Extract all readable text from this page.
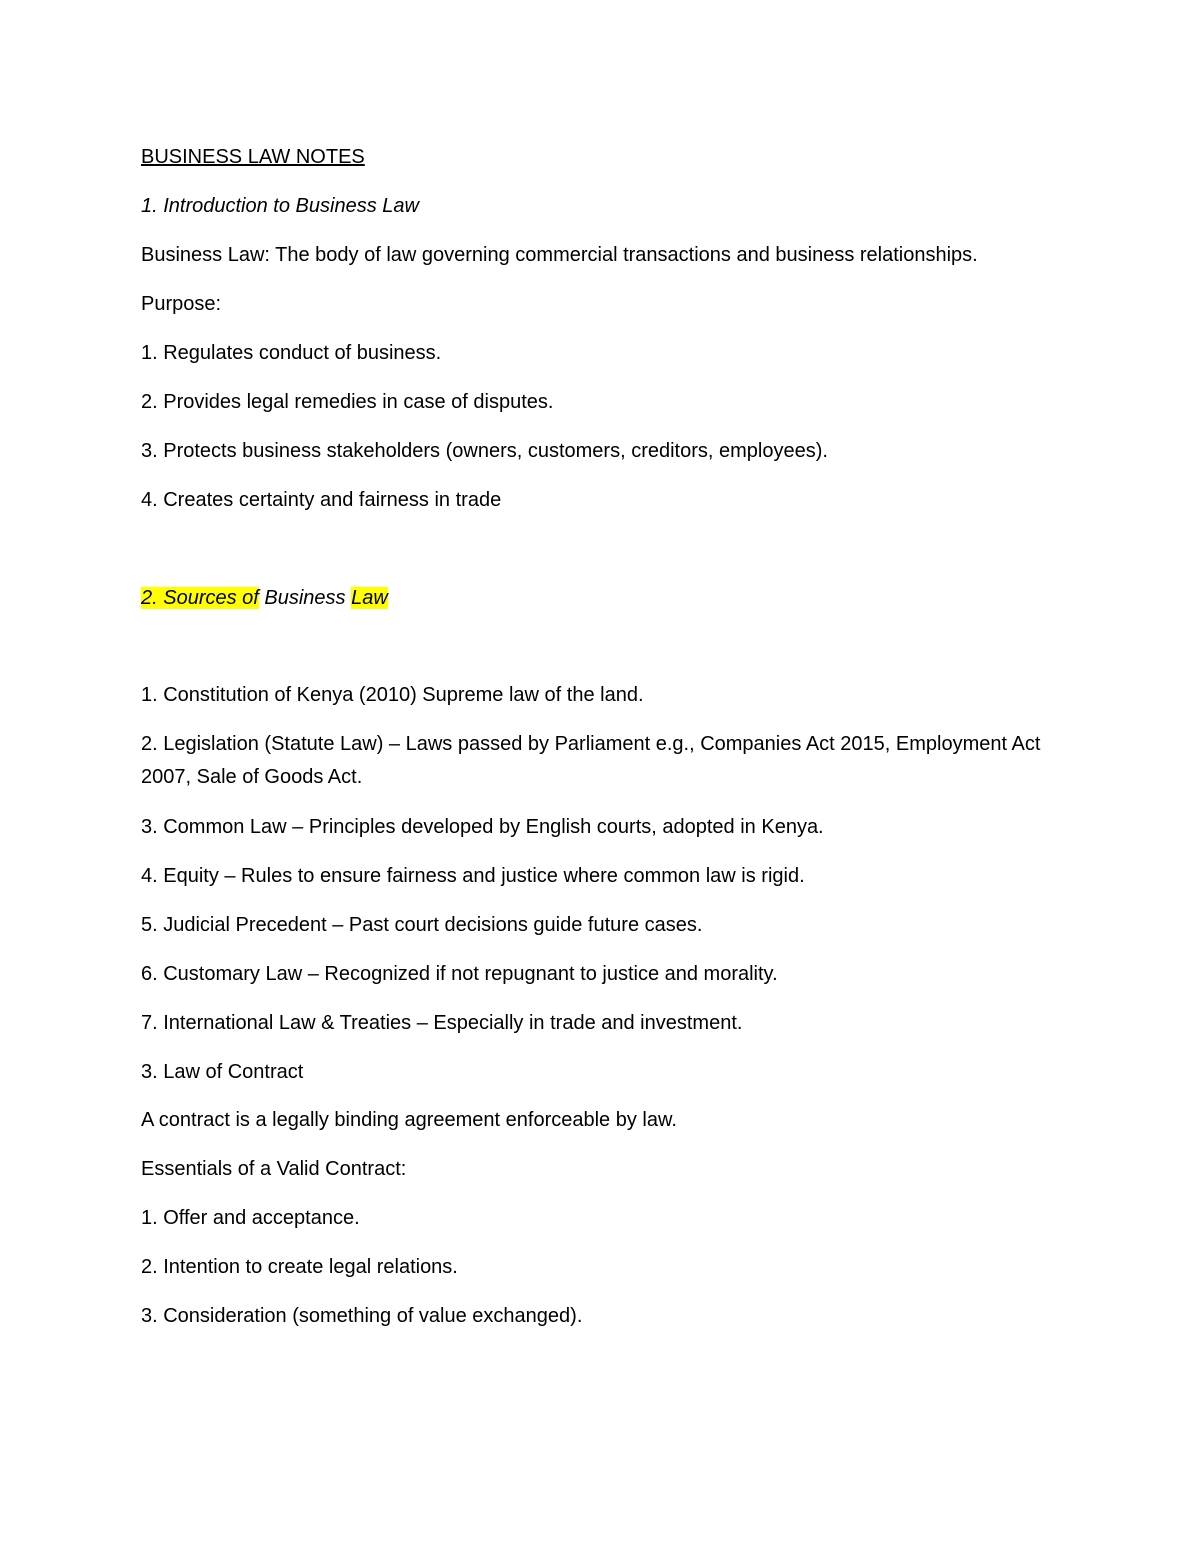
BUSINESS LAW NOTES

1. Introduction to Business Law

Business Law: The body of law governing commercial transactions and business relationships.

Purpose:

1. Regulates conduct of business.

2. Provides legal remedies in case of disputes.

3. Protects business stakeholders (owners, customers, creditors, employees).

4. Creates certainty and fairness in trade

2. Sources of Business Law

1. Constitution of Kenya (2010) Supreme law of the land.

2. Legislation (Statute Law) – Laws passed by Parliament e.g., Companies Act 2015, Employment Act 2007, Sale of Goods Act.

3. Common Law – Principles developed by English courts, adopted in Kenya.

4. Equity – Rules to ensure fairness and justice where common law is rigid.

5. Judicial Precedent – Past court decisions guide future cases.

6. Customary Law – Recognized if not repugnant to justice and morality.

7. International Law & Treaties – Especially in trade and investment.

3. Law of Contract

A contract is a legally binding agreement enforceable by law.

Essentials of a Valid Contract:

1. Offer and acceptance.

2. Intention to create legal relations.

3. Consideration (something of value exchanged).
